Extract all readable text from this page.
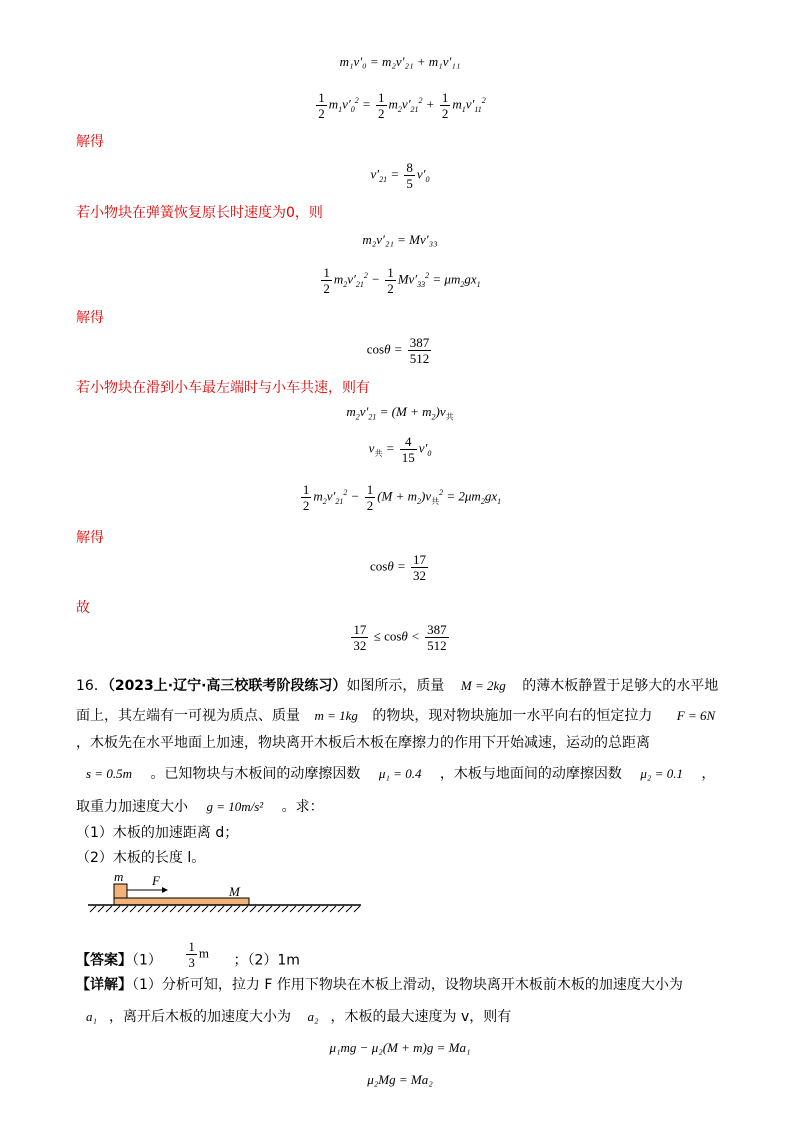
m₁v′₀ = m₂v′₂₁ + m₁v′₁₁
$\frac{1}{2} m_1v'_0^2 = \frac{1}{2} m_2v'_{21}^2 + \frac{1}{2} m_1v'_{11}^2$
解得
$v'_{21} = \frac{8}{5} v'_0$
若小物块在弹簧恢复原长时速度为0，则
m₂v′₂₁ = Mv′₃₃
$\frac{1}{2} m_2v'_{21}^2 - \frac{1}{2} Mv'_{33}^2 = \mu m_2gx_1$
解得
$\cos\theta = \frac{387}{512}$
若小物块在滑到小车最左端时与小车共速，则有
$m_2v'_{21} = (M + m_2)v_共$
$v_共 = \frac{4}{15} v'_0$
$\frac{1}{2} m_2v'_{21}^2 - \frac{1}{2} (M + m_2)v_共^2 = 2\mu m_2gx_1$
解得
$\cos\theta = \frac{17}{32}$
故
$\frac{17}{32} \le \cos\theta < \frac{387}{512}$
16．（2023上·辽宁·高三校联考阶段练习）如图所示，质量 M = 2kg 的薄木板静置于足够大的水平地
面上，其左端有一可视为质点、质量 m = 1kg 的物块，现对物块施加一水平向右的恒定拉力 F = 6N
，木板先在水平地面上加速，物块离开木板后木板在摩擦力的作用下开始减速，运动的总距离
s = 0.5m 。已知物块与木板间的动摩擦因数 μ₁ = 0.4 ，木板与地面间的动摩擦因数 μ₂ = 0.1 ，
取重力加速度大小 g = 10m/s² 。求：
（1）木板的加速距离 d；
（2）木板的长度 l。
m F
M
【答案】$(1) \frac{1}{3}$ m ；（2）1m
【详解】（1）分析可知，拉力 F 作用下物块在木板上滑动，设物块离开木板前木板的加速度大小为
a₁ ，离开后木板的加速度大小为 a₂ ，木板的最大速度为 v，则有
μ₁mg − μ₂(M + m)g = Ma₁
μ₂Mg = Ma₂
